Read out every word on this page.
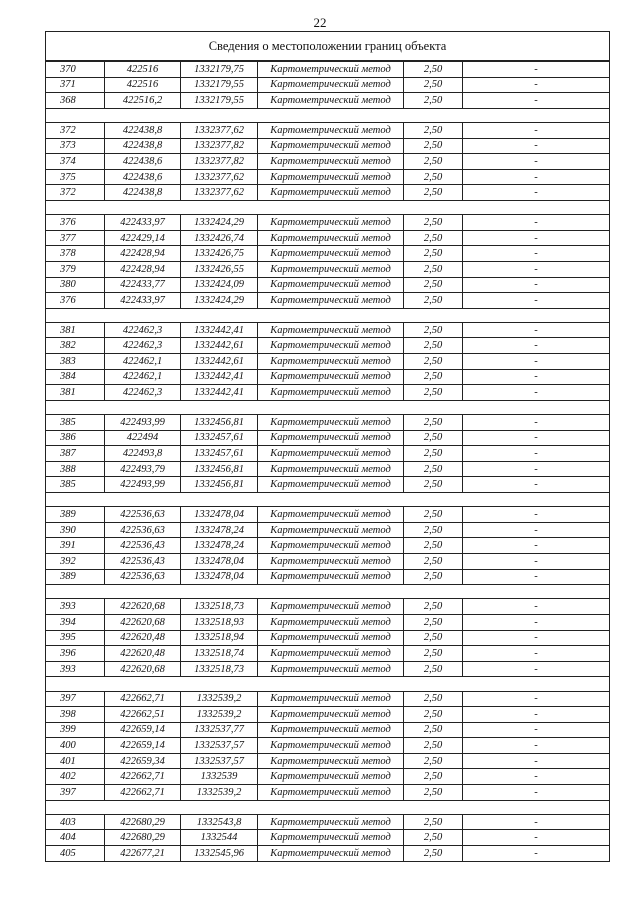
22
Сведения о местоположении границ объекта
370	422516	1332179,75	Картометрический метод	2,50	-
371	422516	1332179,55	Картометрический метод	2,50	-
368	422516,2	1332179,55	Картометрический метод	2,50	-

372	422438,8	1332377,62	Картометрический метод	2,50	-
373	422438,8	1332377,82	Картометрический метод	2,50	-
374	422438,6	1332377,82	Картометрический метод	2,50	-
375	422438,6	1332377,62	Картометрический метод	2,50	-
372	422438,8	1332377,62	Картометрический метод	2,50	-

376	422433,97	1332424,29	Картометрический метод	2,50	-
377	422429,14	1332426,74	Картометрический метод	2,50	-
378	422428,94	1332426,75	Картометрический метод	2,50	-
379	422428,94	1332426,55	Картометрический метод	2,50	-
380	422433,77	1332424,09	Картометрический метод	2,50	-
376	422433,97	1332424,29	Картометрический метод	2,50	-

381	422462,3	1332442,41	Картометрический метод	2,50	-
382	422462,3	1332442,61	Картометрический метод	2,50	-
383	422462,1	1332442,61	Картометрический метод	2,50	-
384	422462,1	1332442,41	Картометрический метод	2,50	-
381	422462,3	1332442,41	Картометрический метод	2,50	-

385	422493,99	1332456,81	Картометрический метод	2,50	-
386	422494	1332457,61	Картометрический метод	2,50	-
387	422493,8	1332457,61	Картометрический метод	2,50	-
388	422493,79	1332456,81	Картометрический метод	2,50	-
385	422493,99	1332456,81	Картометрический метод	2,50	-

389	422536,63	1332478,04	Картометрический метод	2,50	-
390	422536,63	1332478,24	Картометрический метод	2,50	-
391	422536,43	1332478,24	Картометрический метод	2,50	-
392	422536,43	1332478,04	Картометрический метод	2,50	-
389	422536,63	1332478,04	Картометрический метод	2,50	-

393	422620,68	1332518,73	Картометрический метод	2,50	-
394	422620,68	1332518,93	Картометрический метод	2,50	-
395	422620,48	1332518,94	Картометрический метод	2,50	-
396	422620,48	1332518,74	Картометрический метод	2,50	-
393	422620,68	1332518,73	Картометрический метод	2,50	-

397	422662,71	1332539,2	Картометрический метод	2,50	-
398	422662,51	1332539,2	Картометрический метод	2,50	-
399	422659,14	1332537,77	Картометрический метод	2,50	-
400	422659,14	1332537,57	Картометрический метод	2,50	-
401	422659,34	1332537,57	Картометрический метод	2,50	-
402	422662,71	1332539	Картометрический метод	2,50	-
397	422662,71	1332539,2	Картометрический метод	2,50	-

403	422680,29	1332543,8	Картометрический метод	2,50	-
404	422680,29	1332544	Картометрический метод	2,50	-
405	422677,21	1332545,96	Картометрический метод	2,50	-
